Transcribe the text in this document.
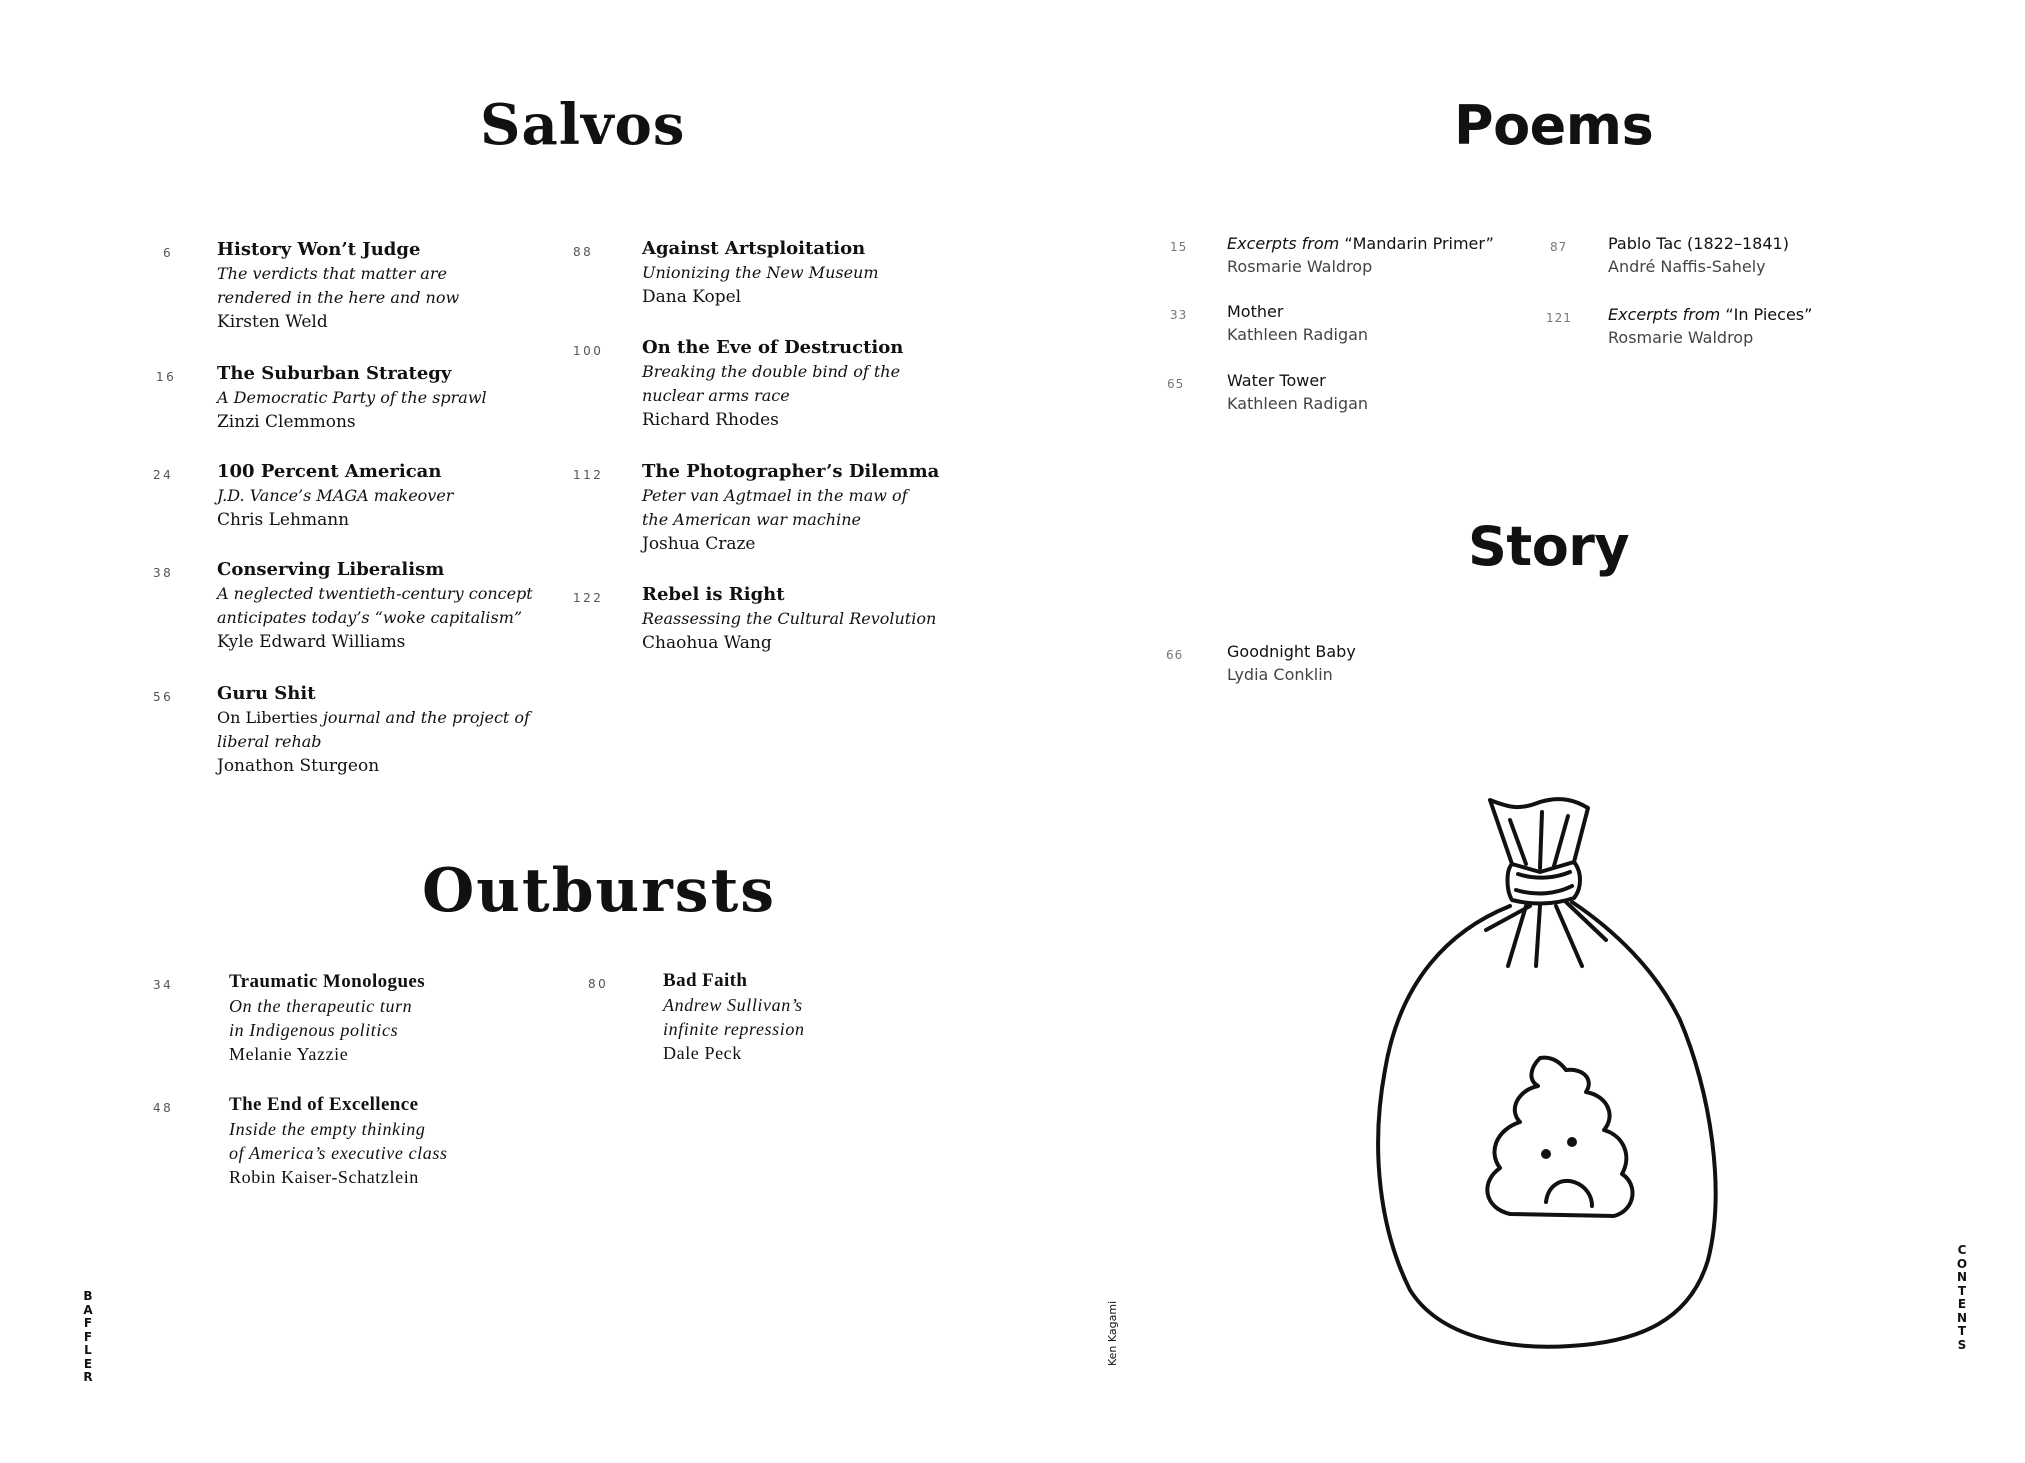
Salvos
6 History Won’t Judge
The verdicts that matter are
rendered in the here and now
Kirsten Weld
16 The Suburban Strategy
A Democratic Party of the sprawl
Zinzi Clemmons
24 100 Percent American
J.D. Vance’s MAGA makeover
Chris Lehmann
38 Conserving Liberalism
A neglected twentieth-century concept
anticipates today’s “woke capitalism”
Kyle Edward Williams
56 Guru Shit
On Liberties journal and the project of
liberal rehab
Jonathon Sturgeon
88	Against Artsploitation
Unionizing the New Museum
Dana Kopel
100 On the Eve of Destruction
Breaking the double bind of the
nuclear arms race
Richard Rhodes
112 The Photographer’s Dilemma
Peter van Agtmael in the maw of
the American war machine
Joshua Craze
122 Rebel is Right
Reassessing the Cultural Revolution
Chaohua Wang
Outbursts
34	Traumatic Monologues
On the therapeutic turn
in Indigenous politics
Melanie Yazzie
48	The End of Excellence
Inside the empty thinking
of America’s executive class
Robin Kaiser-Schatzlein
80	Bad Faith
Andrew Sullivan’s
infinite repression
Dale Peck
Poems
15 Excerpts from “Mandarin Primer”
Rosmarie Waldrop
33 Mother
Kathleen Radigan
65	Water Tower
Kathleen Radigan
87	Pablo Tac (1822–1841)
André Naffis-Sahely
121 Excerpts from “In Pieces”
Rosmarie Waldrop
Story
66	Goodnight Baby
Lydia Conklin
BAFFLER
CONTENTS
Ken Kagami
